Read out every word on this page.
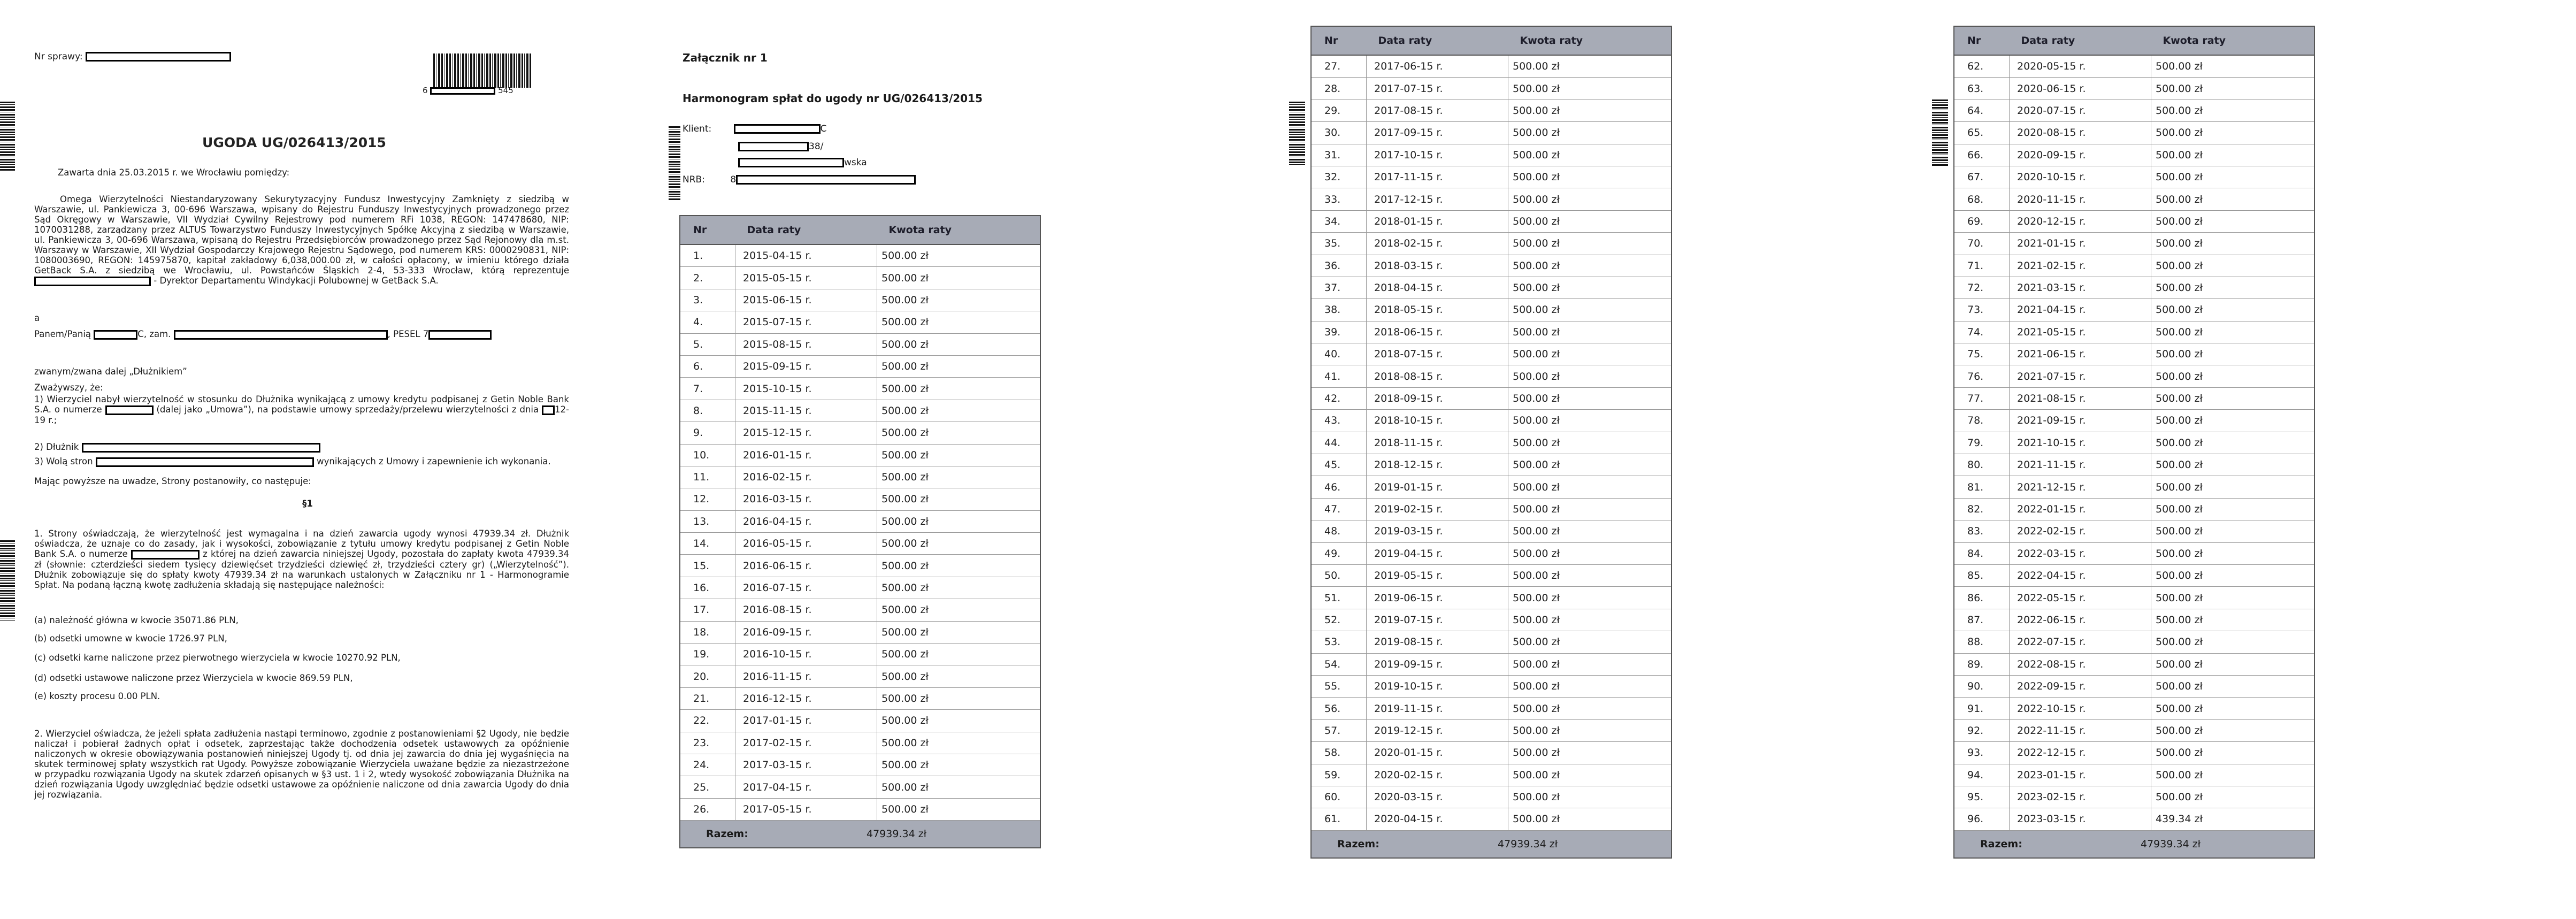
Nr sprawy:
6	545
UGODA UG/026413/2015
Zawarta dnia 25.03.2015 r. we Wrocławiu pomiędzy:
Omega Wierzytelności Niestandaryzowany Sekurytyzacyjny Fundusz Inwestycyjny Zamknięty z siedzibą w Warszawie, ul. Pankiewicza 3, 00-696 Warszawa, wpisany do Rejestru Funduszy Inwestycyjnych prowadzonego przez Sąd Okręgowy w Warszawie, VII Wydział Cywilny Rejestrowy pod numerem RFi 1038, REGON: 147478680, NIP: 1070031288, zarządzany przez ALTUS Towarzystwo Funduszy Inwestycyjnych Spółkę Akcyjną z siedzibą w Warszawie, ul. Pankiewicza 3, 00-696 Warszawa, wpisaną do Rejestru Przedsiębiorców prowadzonego przez Sąd Rejonowy dla m.st. Warszawy w Warszawie, XII Wydział Gospodarczy Krajowego Rejestru Sądowego, pod numerem KRS: 0000290831, NIP: 1080003690, REGON: 145975870, kapitał zakładowy 6,038,000.00 zł, w całości opłacony, w imieniu którego działa GetBack S.A. z siedzibą we Wrocławiu, ul. Powstańców Śląskich 2-4, 53-333 Wrocław, którą reprezentuje  - Dyrektor Departamentu Windykacji Polubownej w GetBack S.A.
a
Panem/Panią	C, zam.	, PESEL 7
zwanym/zwana dalej „Dłużnikiem”
Zważywszy, że:
1) Wierzyciel nabył wierzytelność w stosunku do Dłużnika wynikającą z umowy kredytu podpisanej z Getin Noble Bank S.A. o numerze	(dalej jako „Umowa”), na podstawie umowy sprzedaży/przelewu wierzytelności z dnia 12-19 r.;
2) Dłużnik
3) Wolą stron	wynikających z Umowy i zapewnienie ich wykonania.
Mając powyższe na uwadze, Strony postanowiły, co następuje:
§1
1. Strony oświadczają, że wierzytelność jest wymagalna i na dzień zawarcia ugody wynosi 47939.34 zł. Dłużnik oświadcza, że uznaje co do zasady, jak i wysokości, zobowiązanie z tytułu umowy kredytu podpisanej z Getin Noble Bank S.A. o numerze	z której na dzień zawarcia niniejszej Ugody, pozostała do zapłaty kwota 47939.34 zł (słownie: czterdzieści siedem tysięcy dziewięćset trzydzieści dziewięć zł, trzydzieści cztery gr) („Wierzytelność”). Dłużnik zobowiązuje się do spłaty kwoty 47939.34 zł na warunkach ustalonych w Załączniku nr 1 - Harmonogramie Spłat. Na podaną łączną kwotę zadłużenia składają się następujące należności:
(a) należność główna w kwocie 35071.86 PLN,
(b) odsetki umowne w kwocie 1726.97 PLN,
(c) odsetki karne naliczone przez pierwotnego wierzyciela w kwocie 10270.92 PLN,
(d) odsetki ustawowe naliczone przez Wierzyciela w kwocie 869.59 PLN,
(e) koszty procesu 0.00 PLN.
2. Wierzyciel oświadcza, że jeżeli spłata zadłużenia nastąpi terminowo, zgodnie z postanowieniami §2 Ugody, nie będzie naliczał i pobierał żadnych opłat i odsetek, zaprzestając także dochodzenia odsetek ustawowych za opóźnienie naliczonych w okresie obowiązywania postanowień niniejszej Ugody tj. od dnia jej zawarcia do dnia jej wygaśnięcia na skutek terminowej spłaty wszystkich rat Ugody. Powyższe zobowiązanie Wierzyciela uważane będzie za niezastrzeżone w przypadku rozwiązania Ugody na skutek zdarzeń opisanych w §3 ust. 1 i 2, wtedy wysokość zobowiązania Dłużnika na dzień rozwiązania Ugody uwzględniać będzie odsetki ustawowe za opóźnienie naliczone od dnia zawarcia Ugody do dnia jej rozwiązania.
Załącznik nr 1
Harmonogram spłat do ugody nr UG/026413/2015
Klient:	C
38/
wska
NRB:	8
Nr	Data raty	Kwota raty
1.	2015-04-15 r.	500.00 zł
2.	2015-05-15 r.	500.00 zł
3.	2015-06-15 r.	500.00 zł
4.	2015-07-15 r.	500.00 zł
5.	2015-08-15 r.	500.00 zł
6.	2015-09-15 r.	500.00 zł
7.	2015-10-15 r.	500.00 zł
8.	2015-11-15 r.	500.00 zł
9.	2015-12-15 r.	500.00 zł
10.	2016-01-15 r.	500.00 zł
11.	2016-02-15 r.	500.00 zł
12.	2016-03-15 r.	500.00 zł
13.	2016-04-15 r.	500.00 zł
14.	2016-05-15 r.	500.00 zł
15.	2016-06-15 r.	500.00 zł
16.	2016-07-15 r.	500.00 zł
17.	2016-08-15 r.	500.00 zł
18.	2016-09-15 r.	500.00 zł
19.	2016-10-15 r.	500.00 zł
20.	2016-11-15 r.	500.00 zł
21.	2016-12-15 r.	500.00 zł
22.	2017-01-15 r.	500.00 zł
23.	2017-02-15 r.	500.00 zł
24.	2017-03-15 r.	500.00 zł
25.	2017-04-15 r.	500.00 zł
26.	2017-05-15 r.	500.00 zł
Razem:	47939.34 zł
Nr	Data raty	Kwota raty
27.	2017-06-15 r.	500.00 zł
28.	2017-07-15 r.	500.00 zł
29.	2017-08-15 r.	500.00 zł
30.	2017-09-15 r.	500.00 zł
31.	2017-10-15 r.	500.00 zł
32.	2017-11-15 r.	500.00 zł
33.	2017-12-15 r.	500.00 zł
34.	2018-01-15 r.	500.00 zł
35.	2018-02-15 r.	500.00 zł
36.	2018-03-15 r.	500.00 zł
37.	2018-04-15 r.	500.00 zł
38.	2018-05-15 r.	500.00 zł
39.	2018-06-15 r.	500.00 zł
40.	2018-07-15 r.	500.00 zł
41.	2018-08-15 r.	500.00 zł
42.	2018-09-15 r.	500.00 zł
43.	2018-10-15 r.	500.00 zł
44.	2018-11-15 r.	500.00 zł
45.	2018-12-15 r.	500.00 zł
46.	2019-01-15 r.	500.00 zł
47.	2019-02-15 r.	500.00 zł
48.	2019-03-15 r.	500.00 zł
49.	2019-04-15 r.	500.00 zł
50.	2019-05-15 r.	500.00 zł
51.	2019-06-15 r.	500.00 zł
52.	2019-07-15 r.	500.00 zł
53.	2019-08-15 r.	500.00 zł
54.	2019-09-15 r.	500.00 zł
55.	2019-10-15 r.	500.00 zł
56.	2019-11-15 r.	500.00 zł
57.	2019-12-15 r.	500.00 zł
58.	2020-01-15 r.	500.00 zł
59.	2020-02-15 r.	500.00 zł
60.	2020-03-15 r.	500.00 zł
61.	2020-04-15 r.	500.00 zł
Razem:	47939.34 zł
Nr	Data raty	Kwota raty
62.	2020-05-15 r.	500.00 zł
63.	2020-06-15 r.	500.00 zł
64.	2020-07-15 r.	500.00 zł
65.	2020-08-15 r.	500.00 zł
66.	2020-09-15 r.	500.00 zł
67.	2020-10-15 r.	500.00 zł
68.	2020-11-15 r.	500.00 zł
69.	2020-12-15 r.	500.00 zł
70.	2021-01-15 r.	500.00 zł
71.	2021-02-15 r.	500.00 zł
72.	2021-03-15 r.	500.00 zł
73.	2021-04-15 r.	500.00 zł
74.	2021-05-15 r.	500.00 zł
75.	2021-06-15 r.	500.00 zł
76.	2021-07-15 r.	500.00 zł
77.	2021-08-15 r.	500.00 zł
78.	2021-09-15 r.	500.00 zł
79.	2021-10-15 r.	500.00 zł
80.	2021-11-15 r.	500.00 zł
81.	2021-12-15 r.	500.00 zł
82.	2022-01-15 r.	500.00 zł
83.	2022-02-15 r.	500.00 zł
84.	2022-03-15 r.	500.00 zł
85.	2022-04-15 r.	500.00 zł
86.	2022-05-15 r.	500.00 zł
87.	2022-06-15 r.	500.00 zł
88.	2022-07-15 r.	500.00 zł
89.	2022-08-15 r.	500.00 zł
90.	2022-09-15 r.	500.00 zł
91.	2022-10-15 r.	500.00 zł
92.	2022-11-15 r.	500.00 zł
93.	2022-12-15 r.	500.00 zł
94.	2023-01-15 r.	500.00 zł
95.	2023-02-15 r.	500.00 zł
96.	2023-03-15 r.	439.34 zł
Razem:	47939.34 zł
